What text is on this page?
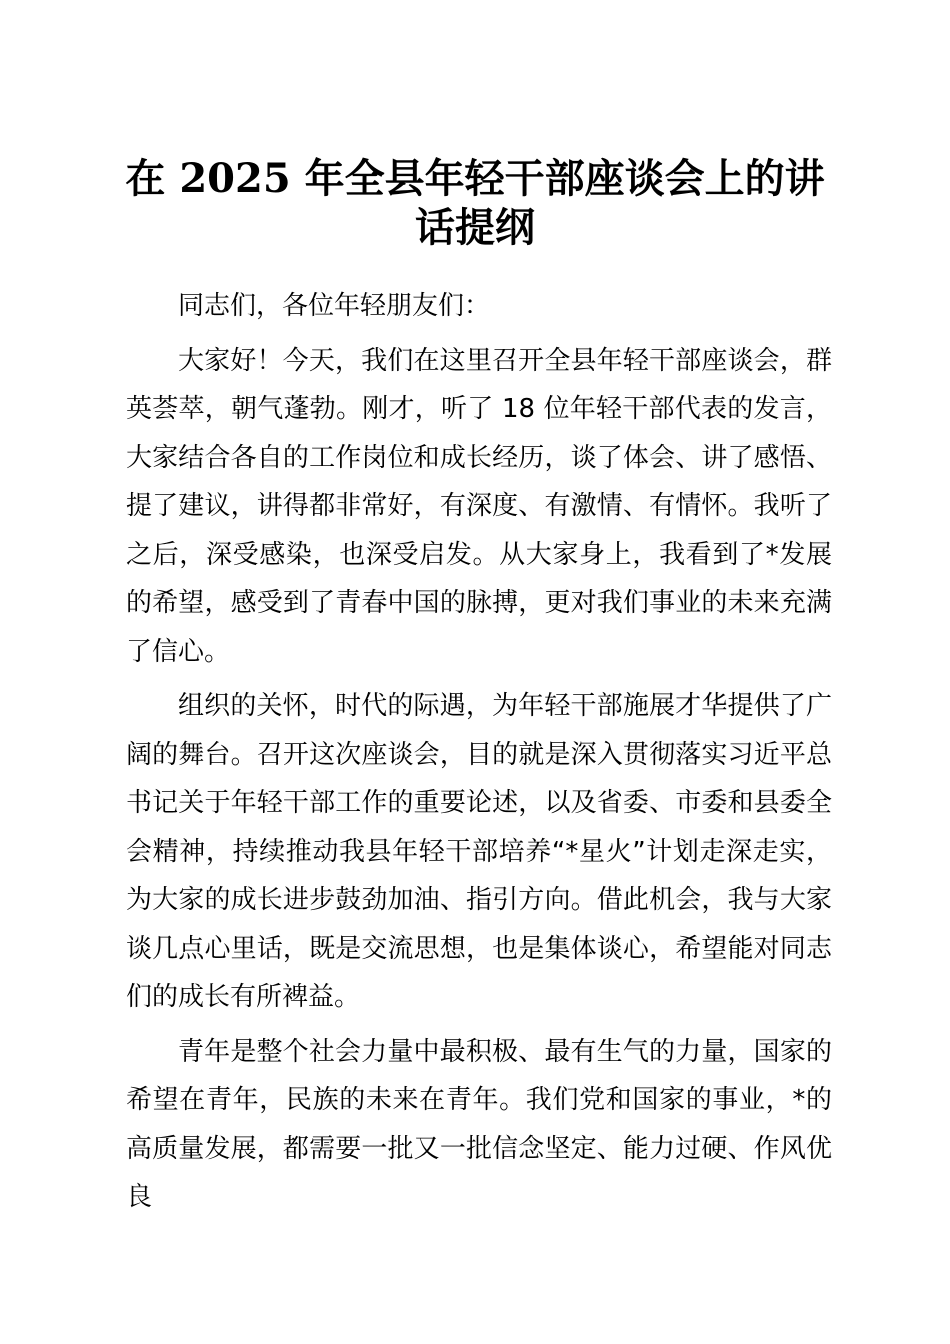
在 2025 年全县年轻干部座谈会上的讲话提纲

同志们，各位年轻朋友们：

大家好！今天，我们在这里召开全县年轻干部座谈会，群英荟萃，朝气蓬勃。刚才，听了 18 位年轻干部代表的发言，大家结合各自的工作岗位和成长经历，谈了体会、讲了感悟、提了建议，讲得都非常好，有深度、有激情、有情怀。我听了之后，深受感染，也深受启发。从大家身上，我看到了*发展的希望，感受到了青春中国的脉搏，更对我们事业的未来充满了信心。

组织的关怀，时代的际遇，为年轻干部施展才华提供了广阔的舞台。召开这次座谈会，目的就是深入贯彻落实习近平总书记关于年轻干部工作的重要论述，以及省委、市委和县委全会精神，持续推动我县年轻干部培养“*星火”计划走深走实，为大家的成长进步鼓劲加油、指引方向。借此机会，我与大家谈几点心里话，既是交流思想，也是集体谈心，希望能对同志们的成长有所裨益。

青年是整个社会力量中最积极、最有生气的力量，国家的希望在青年，民族的未来在青年。我们党和国家的事业，*的高质量发展，都需要一批又一批信念坚定、能力过硬、作风优良
